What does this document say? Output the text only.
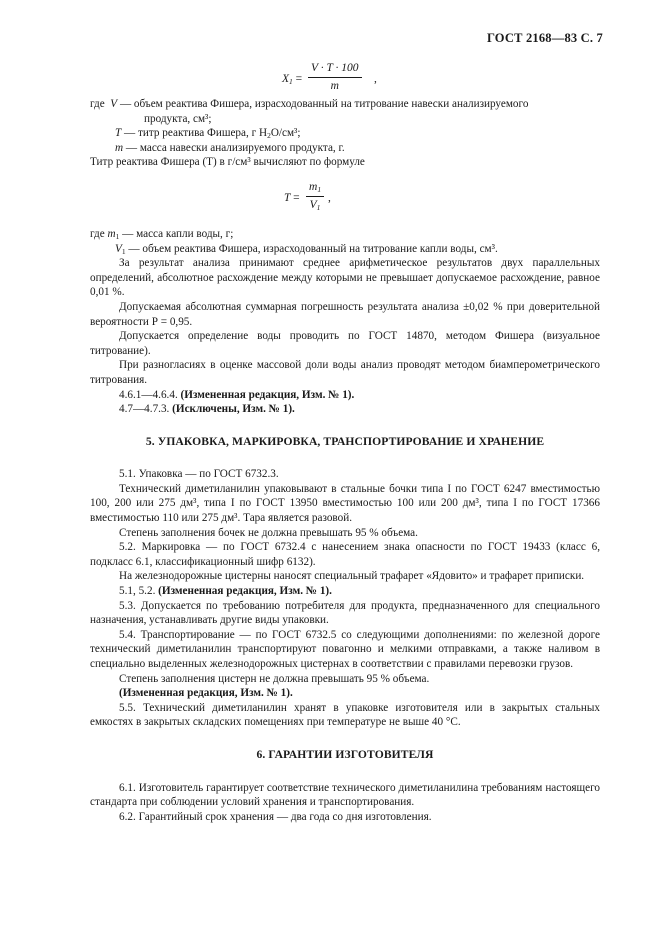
ГОСТ 2168—83 С. 7
$X_1 = \frac{V \cdot T \cdot 100}{m}$ ,

где V — объем реактива Фишера, израсходованный на титрование навески анализируемого

продукта, см³;

T — титр реактива Фишера, г $H_2O$/см³;

m — масса навески анализируемого продукта, г.

Титр реактива Фишера (Т) в г/см³ вычисляют по формуле

$T = \frac{m_1}{V_1}$ ,

где $m_1$ — масса капли воды, г;

$V_1$ — объем реактива Фишера, израсходованный на титрование капли воды, см³.

За результат анализа принимают среднее арифметическое результатов двух параллельных определений, абсолютное расхождение между которыми не превышает допускаемое расхождение, равное 0,01 %.

Допускаемая абсолютная суммарная погрешность результата анализа ±0,02 % при доверительной вероятности Р = 0,95.

Допускается определение воды проводить по ГОСТ 14870, методом Фишера (визуальное титрование).

При разногласиях в оценке массовой доли воды анализ проводят методом биамперометрического титрования.

4.6.1—4.6.4. (Измененная редакция, Изм. № 1).

4.7—4.7.3. (Исключены, Изм. № 1).

5. УПАКОВКА, МАРКИРОВКА, ТРАНСПОРТИРОВАНИЕ И ХРАНЕНИЕ

5.1. Упаковка — по ГОСТ 6732.3.

Технический диметиланилин упаковывают в стальные бочки типа I по ГОСТ 6247 вместимостью 100, 200 или 275 дм³, типа I по ГОСТ 13950 вместимостью 100 или 200 дм³, типа I по ГОСТ 17366 вместимостью 110 или 275 дм³. Тара является разовой.

Степень заполнения бочек не должна превышать 95 % объема.

5.2. Маркировка — по ГОСТ 6732.4 с нанесением знака опасности по ГОСТ 19433 (класс 6, подкласс 6.1, классификационный шифр 6132).

На железнодорожные цистерны наносят специальный трафарет «Ядовито» и трафарет приписки.

5.1, 5.2. (Измененная редакция, Изм. № 1).

5.3. Допускается по требованию потребителя для продукта, предназначенного для специального назначения, устанавливать другие виды упаковки.

5.4. Транспортирование — по ГОСТ 6732.5 со следующими дополнениями: по железной дороге технический диметиланилин транспортируют повагонно и мелкими отправками, а также наливом в специально выделенных железнодорожных цистернах в соответствии с правилами перевозки грузов.

Степень заполнения цистерн не должна превышать 95 % объема.

(Измененная редакция, Изм. № 1).

5.5. Технический диметиланилин хранят в упаковке изготовителя или в закрытых стальных емкостях в закрытых складских помещениях при температуре не выше 40 °С.

6. ГАРАНТИИ ИЗГОТОВИТЕЛЯ

6.1. Изготовитель гарантирует соответствие технического диметиланилина требованиям настоящего стандарта при соблюдении условий хранения и транспортирования.

6.2. Гарантийный срок хранения — два года со дня изготовления.
